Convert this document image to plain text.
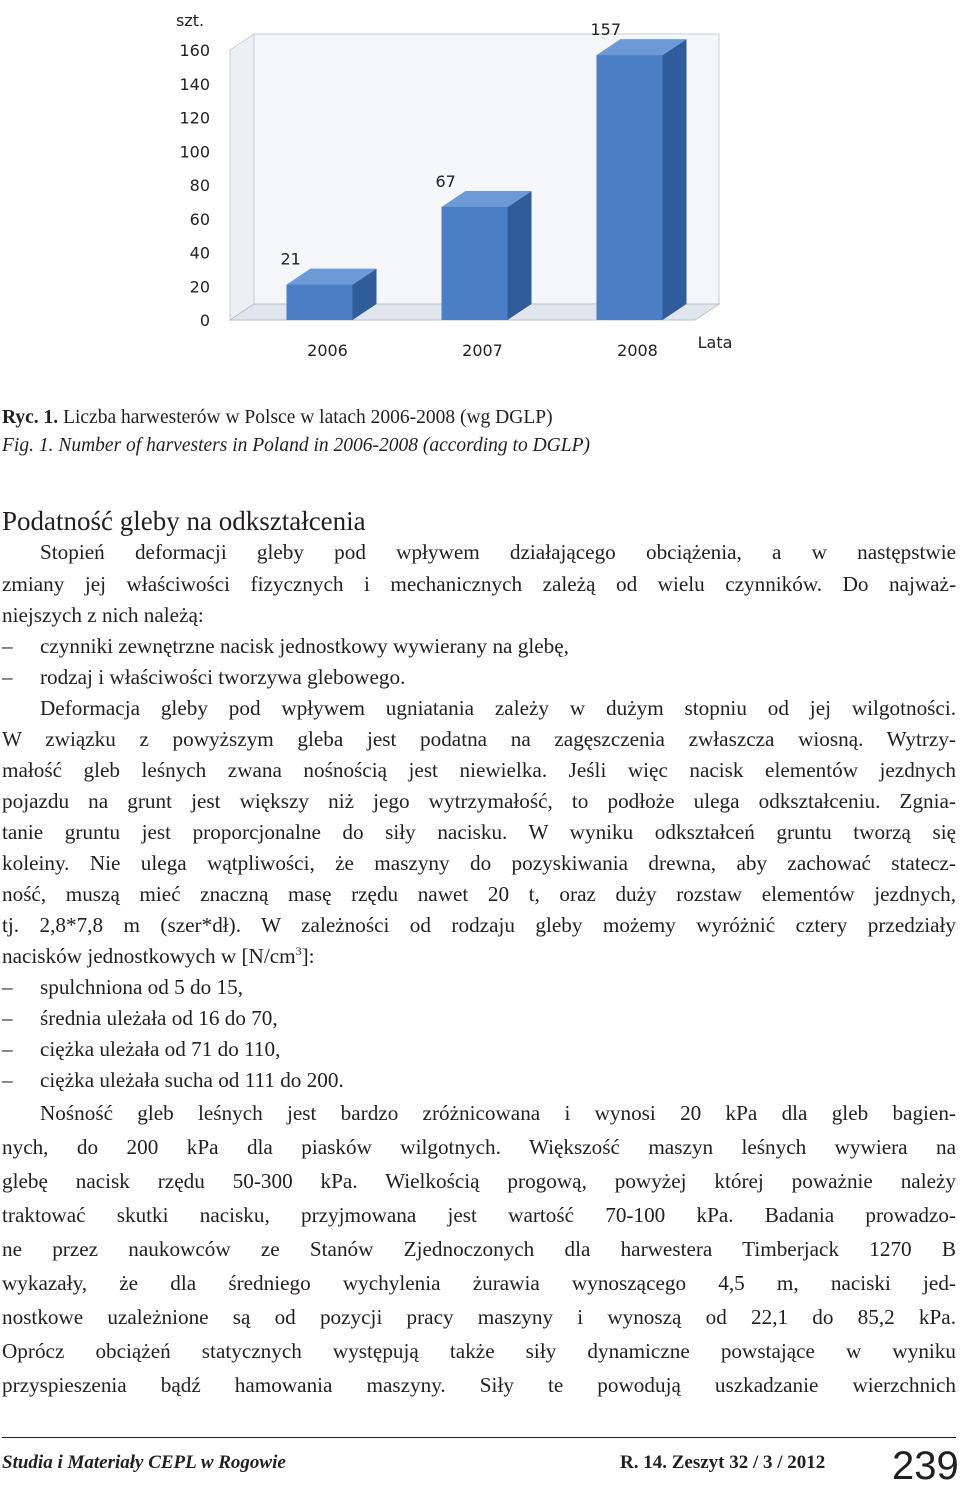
0
20
40
60
80
100
120
140
160
szt.
Lata
21
2006
67
2007
157
2008
Ryc. 1. Liczba harwesterów w Polsce w latach 2006-2008 (wg DGLP)
Fig. 1. Number of harvesters in Poland in 2006-2008 (according to DGLP)
Podatność gleby na odkształcenia
Stopień deformacji gleby pod wpływem działającego obciążenia, a w następstwie
zmiany jej właściwości fizycznych i mechanicznych zależą od wielu czynników. Do najważ-
niejszych z nich należą:
– czynniki zewnętrzne nacisk jednostkowy wywierany na glebę,
– rodzaj i właściwości tworzywa glebowego.
Deformacja gleby pod wpływem ugniatania zależy w dużym stopniu od jej wilgotności.
W związku z powyższym gleba jest podatna na zagęszczenia zwłaszcza wiosną. Wytrzy-
małość gleb leśnych zwana nośnością jest niewielka. Jeśli więc nacisk elementów jezdnych
pojazdu na grunt jest większy niż jego wytrzymałość, to podłoże ulega odkształceniu. Zgnia-
tanie gruntu jest proporcjonalne do siły nacisku. W wyniku odkształceń gruntu tworzą się
koleiny. Nie ulega wątpliwości, że maszyny do pozyskiwania drewna, aby zachować statecz-
ność, muszą mieć znaczną masę rzędu nawet 20 t, oraz duży rozstaw elementów jezdnych,
tj. 2,8*7,8 m (szer*dł). W zależności od rodzaju gleby możemy wyróżnić cztery przedziały
nacisków jednostkowych w $[N/cm^3]$:
– spulchniona od 5 do 15,
– średnia uleżała od 16 do 70,
– ciężka uleżała od 71 do 110,
– ciężka uleżała sucha od 111 do 200.
Nośność gleb leśnych jest bardzo zróżnicowana i wynosi 20 kPa dla gleb bagien-
nych, do 200 kPa dla piasków wilgotnych. Większość maszyn leśnych wywiera na
glebę nacisk rzędu 50-300 kPa. Wielkością progową, powyżej której poważnie należy
traktować skutki nacisku, przyjmowana jest wartość 70-100 kPa. Badania prowadzo-
ne przez naukowców ze Stanów Zjednoczonych dla harwestera Timberjack 1270 B
wykazały, że dla średniego wychylenia żurawia wynoszącego 4,5 m, naciski jed-
nostkowe uzależnione są od pozycji pracy maszyny i wynoszą od 22,1 do 85,2 kPa.
Oprócz obciążeń statycznych występują także siły dynamiczne powstające w wyniku
przyspieszenia bądź hamowania maszyny. Siły te powodują uszkadzanie wierzchnich
Studia i Materiały CEPL w Rogowie	R. 14. Zeszyt 32 / 3 / 2012 239
